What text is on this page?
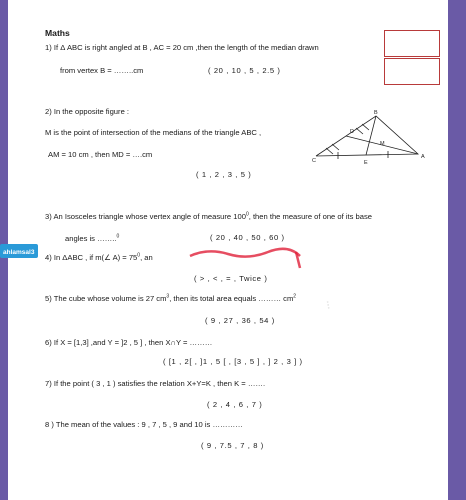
Maths
1) If Δ ABC is right angled at B , AC = 20 cm ,then the length of the median drawn
from vertex B = ……..cm	( 20 , 10 , 5 , 2.5 )
2) In the opposite figure :
M is the point of intersection of the medians of the triangle ABC ,
AM = 10 cm , then MD = ….cm
( 1 , 2 , 3 , 5 )
C
B
A
D
M
E
3) An Isosceles triangle whose vertex angle of measure $100^0$, then the measure of one of its base
angles is ……..$^0$	( 20 , 40 , 50 , 60 )
4) In ΔABC , if m(∠ $A) = 75^0$, an
( > , < , = , Twice )
5) The cube whose volume is 27 $cm^3$, then its total area equals ……… $cm^2$
( 9 , 27 , 36 , 54 )
6) If X = [1,3] ,and Y = ]2 , 5 ] , then X∩Y = ………
( [1 , 2[ , ]1 , 5 [ , [3 , 5 ] , ] 2 , 3 ] )
7) If the point ( 3 , 1 ) satisfies the relation X+Y=K , then K = …….
( 2 , 4 , 6 , 7 )
8 ) The mean of the values : 9 , 7 , 5 , 9 and 10 is …………
( 9 , 7.5 , 7 , 8 )
⋯
ahlamsal3
